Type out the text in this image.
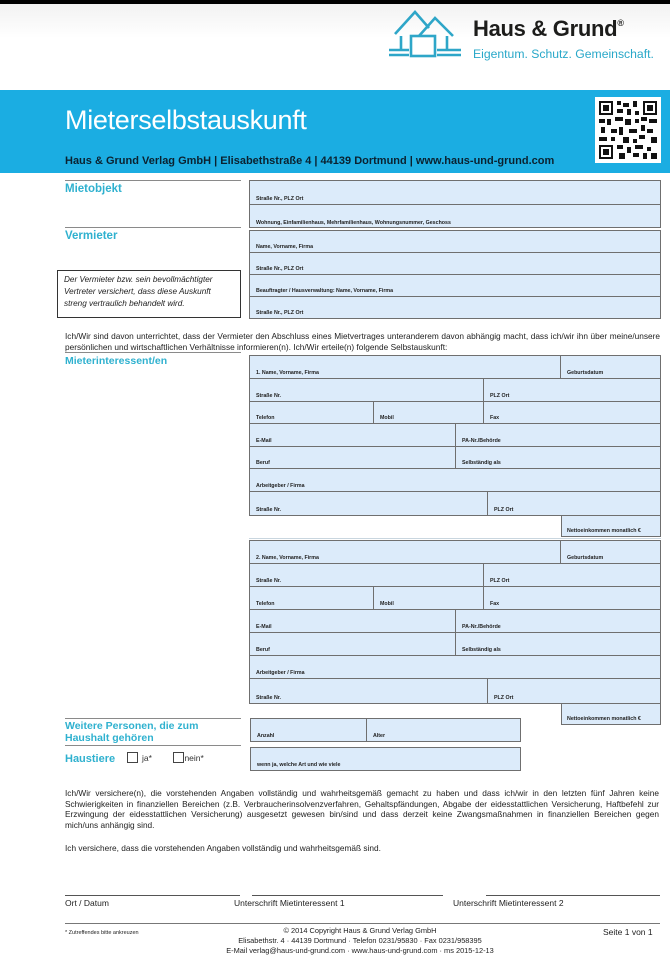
Haus & Grund®
Eigentum. Schutz. Gemeinschaft.
Mieterselbstauskunft
Haus & Grund Verlag GmbH | Elisabethstraße 4 | 44139 Dortmund | www.haus-und-grund.com
Mietobjekt
Straße Nr., PLZ Ort
Wohnung, Einfamilienhaus, Mehrfamilienhaus, Wohnungsnummer, Geschoss
Vermieter
Name, Vorname, Firma
Straße Nr., PLZ Ort
Beauftragter / Hausverwaltung: Name, Vorname, Firma
Straße Nr., PLZ Ort
Der Vermieter bzw. sein bevollmächtigter Vertreter versichert, dass diese Auskunft streng vertraulich behandelt wird.
Ich/Wir sind davon unterrichtet, dass der Vermieter den Abschluss eines Mietvertrages unteranderem davon abhängig macht, dass ich/wir ihn über meine/unsere persönlichen und wirtschaftlichen Verhältnisse informieren(n). Ich/Wir erteile(n) folgende Selbstauskunft:
Mieterinteressent/en
1. Name, Vorname, Firma	Geburtsdatum
Straße Nr.	PLZ Ort
Telefon	Mobil	Fax
E-Mail	PA-Nr./Behörde
Beruf	Selbständig als
Arbeitgeber / Firma
Straße Nr.	PLZ Ort
Nettoeinkommen monatlich €
2. Name, Vorname, Firma	Geburtsdatum
Straße Nr.	PLZ Ort
Telefon	Mobil	Fax
E-Mail	PA-Nr./Behörde
Beruf	Selbständig als
Arbeitgeber / Firma
Straße Nr.	PLZ Ort
Nettoeinkommen monatlich €
Weitere Personen, die zum Haushalt gehören	Anzahl	Alter
Haustiere	ja*	nein*
wenn ja, welche Art und wie viele
Ich/Wir versichere(n), die vorstehenden Angaben vollständig und wahrheitsgemäß gemacht zu haben und dass ich/wir in den letzten fünf Jahren keine Schwierigkeiten in finanziellen Bereichen (z.B. Verbraucherinsolvenzverfahren, Gehaltspfändungen, Abgabe der eidesstattlichen Versicherung, Haftbefehl zur Erzwingung der eidesstattlichen Versicherung) ausgesetzt gewesen bin/sind und dass derzeit keine Zwangsmaßnahmen in finanziellen Bereichen gegen mich/uns anhängig sind.
Ich versichere, dass die vorstehenden Angaben vollständig und wahrheitsgemäß sind.
Ort / Datum	Unterschrift Mietinteressent 1	Unterschrift Mietinteressent 2
* Zutreffendes bitte ankreuzen	© 2014 Copyright Haus & Grund Verlag GmbH
Elisabethstr. 4 · 44139 Dortmund · Telefon 0231/95830 · Fax 0231/958395
E-Mail verlag@haus-und-grund.com · www.haus-und-grund.com · ms 2015-12-13
Seite 1 von 1
